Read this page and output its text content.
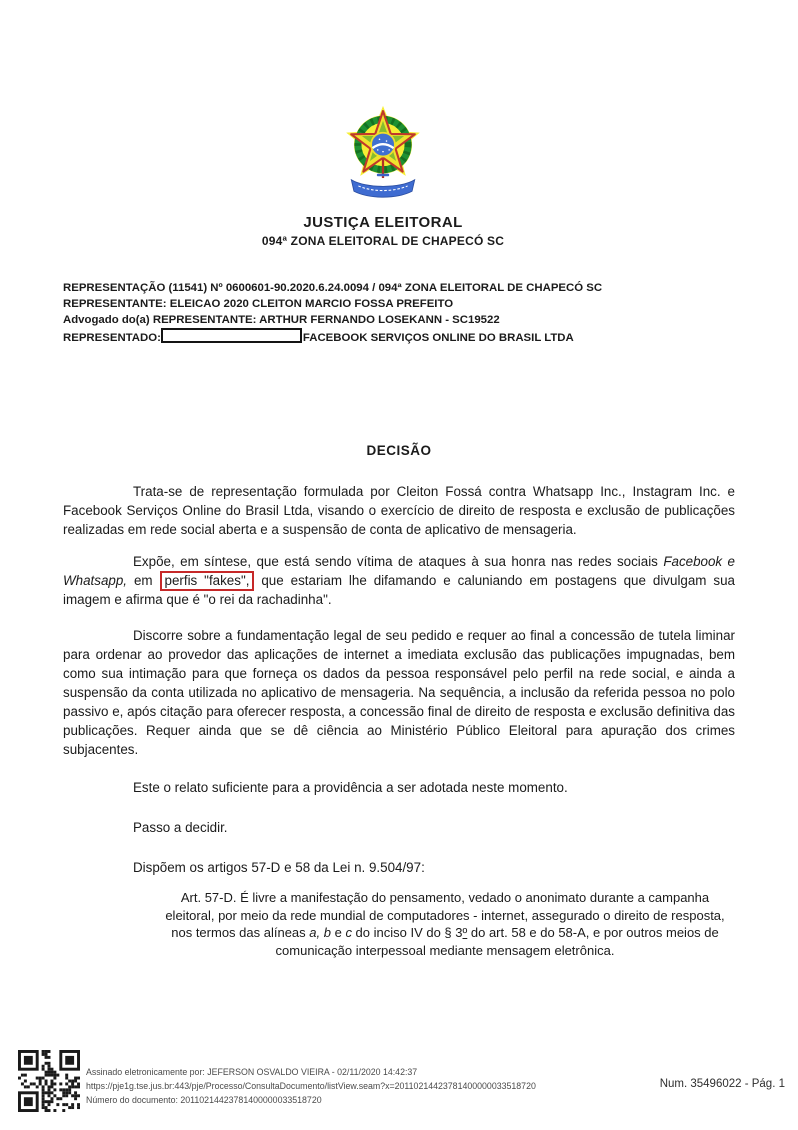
JUSTIÇA ELEITORAL
094ª ZONA ELEITORAL DE CHAPECÓ SC
REPRESENTAÇÃO (11541) Nº 0600601-90.2020.6.24.0094 / 094ª ZONA ELEITORAL DE CHAPECÓ SC
REPRESENTANTE: ELEICAO 2020 CLEITON MARCIO FOSSA PREFEITO
Advogado do(a) REPRESENTANTE: ARTHUR FERNANDO LOSEKANN - SC19522
REPRESENTADO:	FACEBOOK SERVIÇOS ONLINE DO BRASIL LTDA
DECISÃO

Trata-se de representação formulada por Cleiton Fossá contra Whatsapp Inc., Instagram Inc. e Facebook Serviços Online do Brasil Ltda, visando o exercício de direito de resposta e exclusão de publicações realizadas em rede social aberta e a suspensão de conta de aplicativo de mensageria.

Expõe, em síntese, que está sendo vítima de ataques à sua honra nas redes sociais Facebook e Whatsapp, em perfis "fakes", que estariam lhe difamando e caluniando em postagens que divulgam sua imagem e afirma que é "o rei da rachadinha".

Discorre sobre a fundamentação legal de seu pedido e requer ao final a concessão de tutela liminar para ordenar ao provedor das aplicações de internet a imediata exclusão das publicações impugnadas, bem como sua intimação para que forneça os dados da pessoa responsável pelo perfil na rede social, e ainda a suspensão da conta utilizada no aplicativo de mensageria. Na sequência, a inclusão da referida pessoa no polo passivo e, após citação para oferecer resposta, a concessão final de direito de resposta e exclusão definitiva das publicações. Requer ainda que se dê ciência ao Ministério Público Eleitoral para apuração dos crimes subjacentes.

Este o relato suficiente para a providência a ser adotada neste momento.

Passo a decidir.

Dispõem os artigos 57-D e 58 da Lei n. 9.504/97:

Art. 57-D. É livre a manifestação do pensamento, vedado o anonimato durante a campanha eleitoral, por meio da rede mundial de computadores - internet, assegurado o direito de resposta, nos termos das alíneas a, b e c do inciso IV do § 3º do art. 58 e do 58-A, e por outros meios de comunicação interpessoal mediante mensagem eletrônica.
Assinado eletronicamente por: JEFERSON OSVALDO VIEIRA - 02/11/2020 14:42:37
https://pje1g.tse.jus.br:443/pje/Processo/ConsultaDocumento/listView.seam?x=20110214423781400000033518720
Número do documento: 20110214423781400000033518720
Num. 35496022 - Pág. 1
